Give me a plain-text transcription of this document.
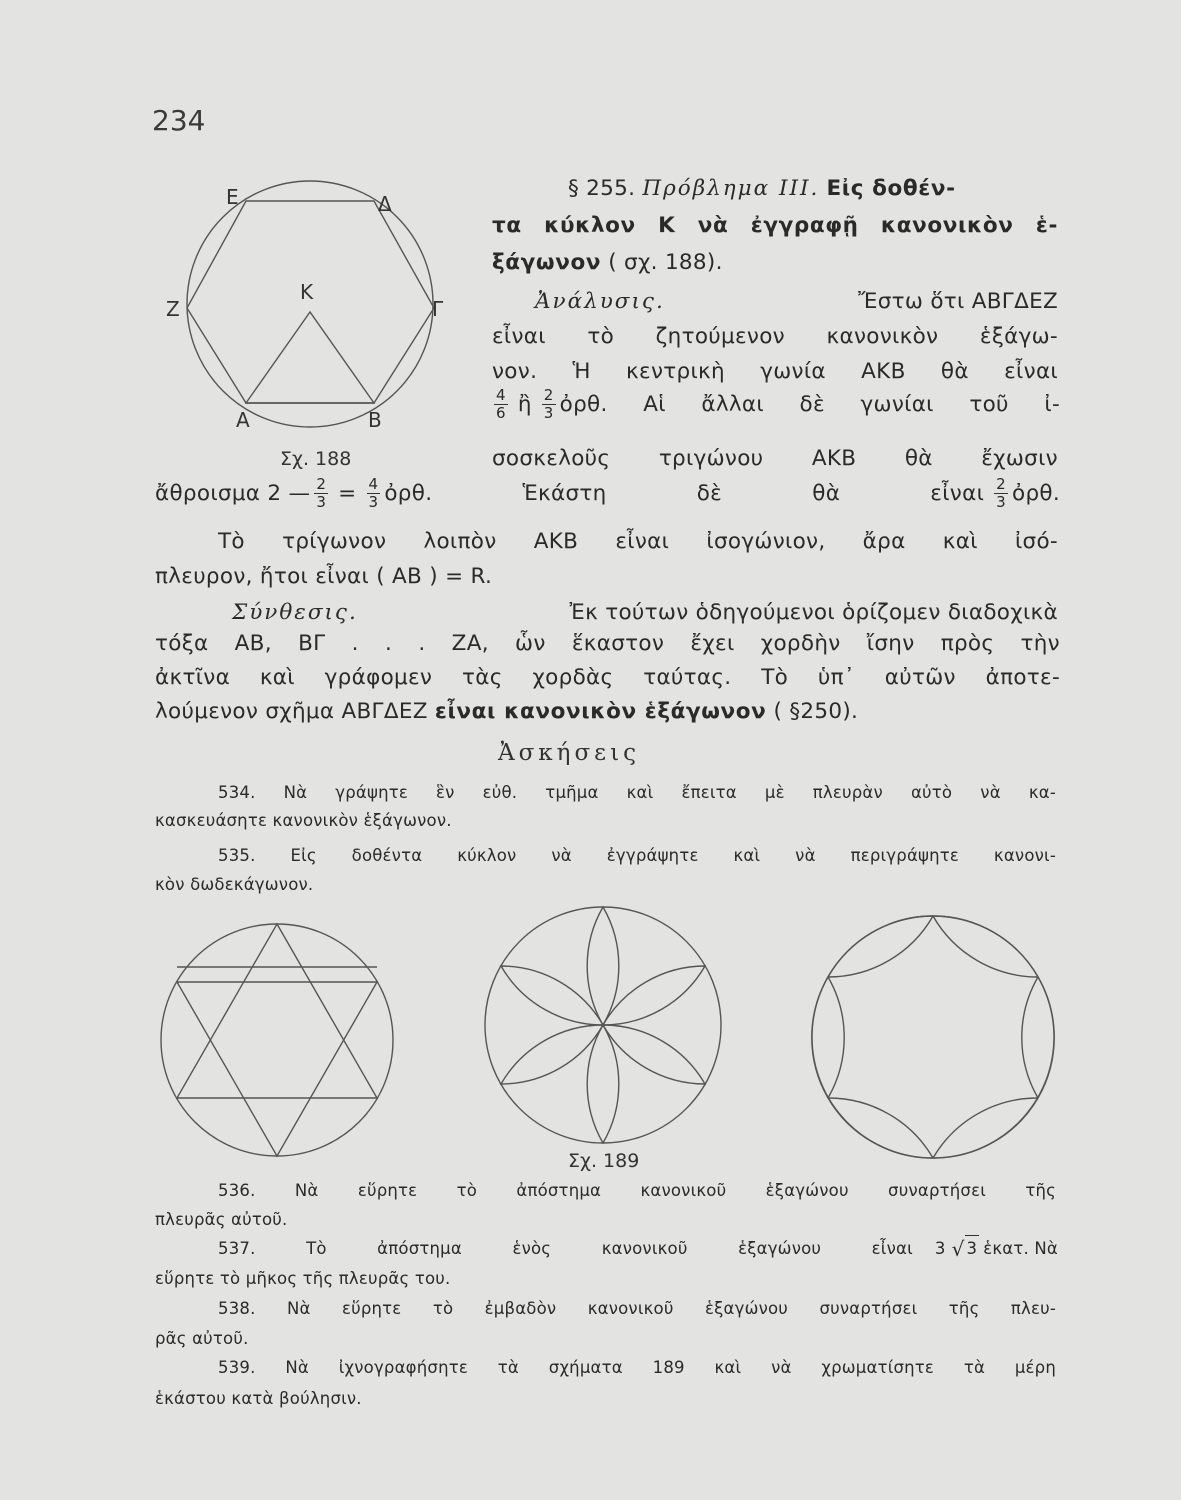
234
Ε	Δ
Ζ
Κ
Γ
Α	Β
Σχ. 188
§ 255. Πρόβλημα ΙΙΙ. Εἰς δοθέν-
τα κύκλον Κ νὰ ἐγγραφῇ κανονικὸν ἑ-
ξάγωνον ( σχ. 188).
Ἀνάλυσις.	Ἔστω ὅτι ΑΒΓΔΕΖ
εἶναι τὸ ζητούμενον κανονικὸν ἑξάγω-
νον. Ἡ κεντρικὴ γωνία ΑΚΒ θὰ εἶναι
$\frac{4}{6}$ ἢ $\frac{2}{3}$ ὀρθ. Αἱ ἄλλαι δὲ γωνίαι τοῦ ἰ-
σοσκελοῦς τριγώνου ΑΚΒ θὰ ἔχωσιν
ἄθροισμα 2 — $\frac{2}{3} = \frac{4}{3}$ ὀρθ. Ἑκάστη δὲ θὰ εἶναι $\frac{2}{3}$ ὀρθ.
Τὸ τρίγωνον λοιπὸν ΑΚΒ εἶναι ἰσογώνιον, ἄρα καὶ ἰσό-
πλευρον, ἤτοι εἶναι ( ΑΒ ) = R.
Σύνθεσις.	Ἐκ τούτων ὁδηγούμενοι ὁρίζομεν διαδοχικὰ
τόξα ΑΒ, ΒΓ . . . ΖΑ, ὧν ἕκαστον ἔχει χορδὴν ἴσην πρὸς τὴν
ἀκτῖνα καὶ γράφομεν τὰς χορδὰς ταύτας. Τὸ ὑπ᾽ αὐτῶν ἀποτε-
λούμενον σχῆμα ΑΒΓΔΕΖ εἶναι κανονικὸν ἑξάγωνον ( §250).
Ἀσκήσεις
534. Νὰ γράψητε ἓν εὐθ. τμῆμα καὶ ἔπειτα μὲ πλευρὰν αὐτὸ νὰ κα-
κασκευάσητε κανονικὸν ἑξάγωνον.
535. Εἰς δοθέντα κύκλον νὰ ἐγγράψητε καὶ νὰ περιγράψητε κανονι-
κὸν δωδεκάγωνον.
Σχ. 189
536. Νὰ εὕρητε τὸ ἀπόστημα κανονικοῦ ἑξαγώνου συναρτήσει τῆς
πλευρᾶς αὐτοῦ.
537. Τὸ ἀπόστημα ἑνὸς κανονικοῦ ἑξαγώνου εἶναι 3 √ 3 ἑκατ. Νὰ
εὕρητε τὸ μῆκος τῆς πλευρᾶς του.
538. Νὰ εὕρητε τὸ ἐμβαδὸν κανονικοῦ ἑξαγώνου συναρτήσει τῆς πλευ-
ρᾶς αὐτοῦ.
539. Νὰ ἰχνογραφήσητε τὰ σχήματα 189 καὶ νὰ χρωματίσητε τὰ μέρη
ἑκάστου κατὰ βούλησιν.
